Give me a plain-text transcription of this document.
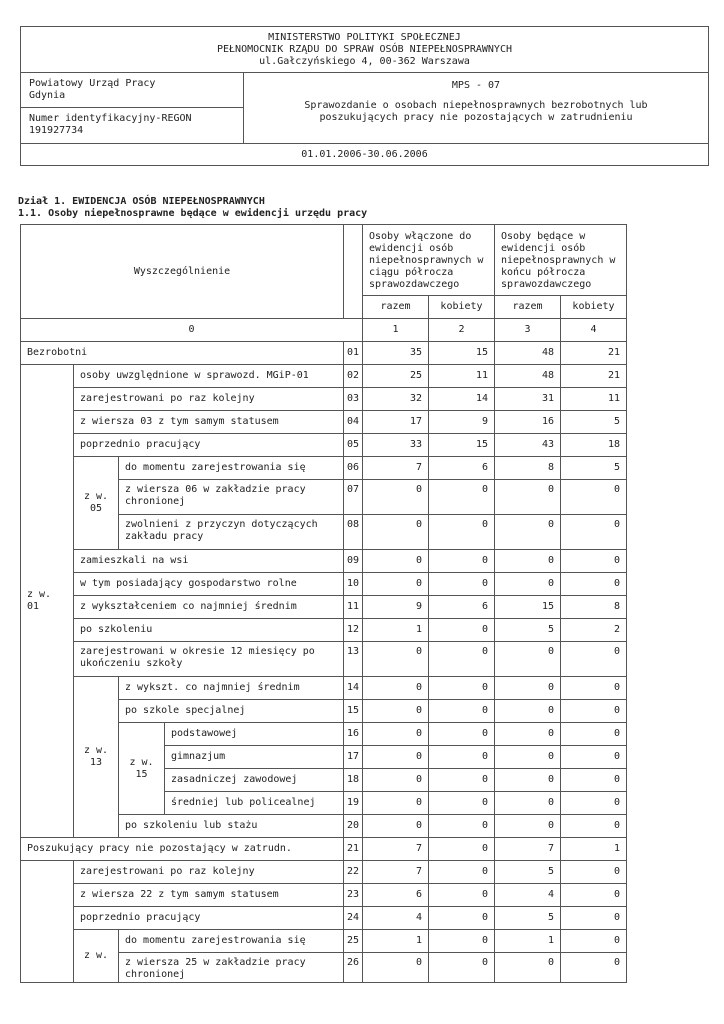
MINISTERSTWO POLITYKI SPOŁECZNEJ
PEŁNOMOCNIK RZĄDU DO SPRAW OSÓB NIEPEŁNOSPRAWNYCH
ul.Gałczyńskiego 4, 00-362 Warszawa
Powiatowy Urząd Pracy
Gdynia
Numer identyfikacyjny-REGON
191927734
MPS - 07
Sprawozdanie o osobach niepełnosprawnych bezrobotnych lub
poszukujących pracy nie pozostających w zatrudnieniu
01.01.2006-30.06.2006
Dział 1. EWIDENCJA OSÓB NIEPEŁNOSPRAWNYCH
1.1. Osoby niepełnosprawne będące w ewidencji urzędu pracy
Wyszczególnienie					Osoby włączone do ewidencji osób niepełnosprawnych w ciągu półrocza sprawozdawczego		Osoby będące w ewidencji osób niepełnosprawnych w końcu półrocza sprawozdawczego	
					razem	kobiety	razem	kobiety
0					1	2	3	4
Bezrobotni				01	35	15	48	21
z w. 01	osoby uwzględnione w sprawozd. MGiP-01			02	25	11	48	21
	zarejestrowani po raz kolejny			03	32	14	31	11
	z wiersza 03 z tym samym statusem			04	17	9	16	5
	poprzednio pracujący			05	33	15	43	18
	z w. 05	do momentu zarejestrowania się		06	7	6	8	5
		z wiersza 06 w zakładzie pracy chronionej		07	0	0	0	0
		zwolnieni z przyczyn dotyczących zakładu pracy		08	0	0	0	0
	zamieszkali na wsi			09	0	0	0	0
	w tym posiadający gospodarstwo rolne			10	0	0	0	0
	z wykształceniem co najmniej średnim			11	9	6	15	8
	po szkoleniu			12	1	0	5	2
	zarejestrowani w okresie 12 miesięcy po ukończeniu szkoły			13	0	0	0	0
	z w. 13	z wykszt. co najmniej średnim		14	0	0	0	0
		po szkole specjalnej		15	0	0	0	0
		z w. 15	podstawowej	16	0	0	0	0
			gimnazjum	17	0	0	0	0
			zasadniczej zawodowej	18	0	0	0	0
			średniej lub policealnej	19	0	0	0	0
		po szkoleniu lub stażu		20	0	0	0	0
Poszukujący pracy nie pozostający w zatrudn.				21	7	0	7	1
	zarejestrowani po raz kolejny			22	7	0	5	0
	z wiersza 22 z tym samym statusem			23	6	0	4	0
	poprzednio pracujący			24	4	0	5	0
	z w.	do momentu zarejestrowania się		25	1	0	1	0
		z wiersza 25 w zakładzie pracy chronionej		26	0	0	0	0
